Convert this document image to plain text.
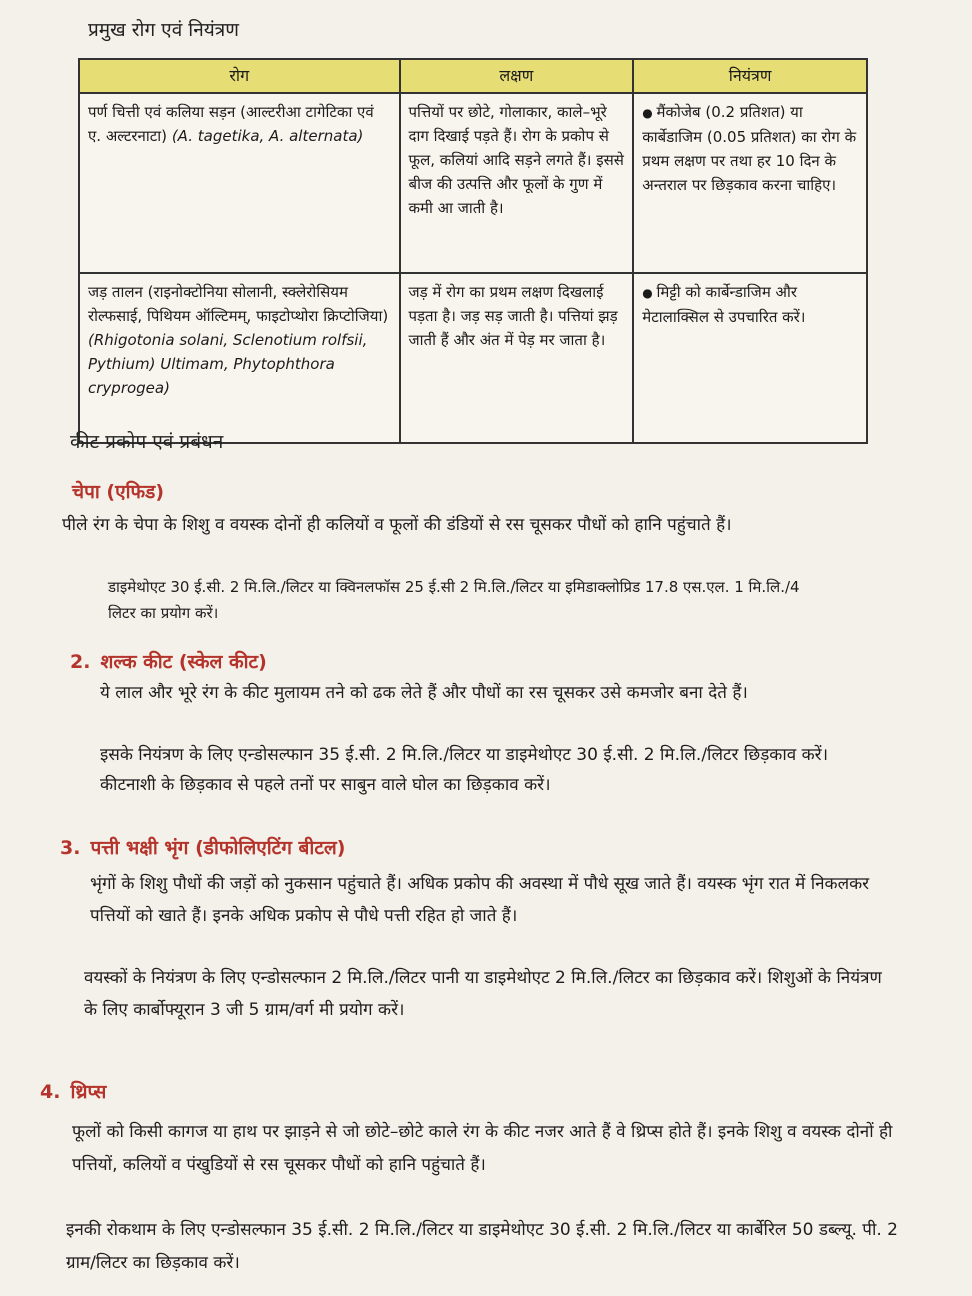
प्रमुख रोग एवं नियंत्रण
रोग	लक्षण	नियंत्रण
पर्ण चित्ती एवं कलिया सड़न (आल्टरीआ टागेटिका एवं ए. अल्टरनाटा) (A. tagetika, A. alternata)	पत्तियों पर छोटे, गोलाकार, काले–भूरे दाग दिखाई पड़ते हैं। रोग के प्रकोप से फूल, कलियां आदि सड़ने लगते हैं। इससे बीज की उत्पत्ति और फूलों के गुण में कमी आ जाती है।	● मैंकोजेब (0.2 प्रतिशत) या कार्बेडाजिम (0.05 प्रतिशत) का रोग के प्रथम लक्षण पर तथा हर 10 दिन के अन्तराल पर छिड़काव करना चाहिए।
जड़ तालन (राइनोक्टोनिया सोलानी, स्क्लेरोसियम रोल्फसाई, पिथियम ऑल्टिमम्, फाइटोप्थोरा क्रिप्टोजिया) (Rhigotonia solani, Sclenotium rolfsii, Pythium) Ultimam, Phytophthora cryprogea)	जड़ में रोग का प्रथम लक्षण दिखलाई पड़ता है। जड़ सड़ जाती है। पत्तियां झड़ जाती हैं और अंत में पेड़ मर जाता है।	● मिट्टी को कार्बेन्डाजिम और मेटालाक्सिल से उपचारित करें।
कीट प्रकोप एवं प्रबंधन
चेपा (एफिड)
पीले रंग के चेपा के शिशु व वयस्क दोनों ही कलियों व फूलों की डंडियों से रस चूसकर पौधों को हानि पहुंचाते हैं।
डाइमेथोएट 30 ई.सी. 2 मि.लि./लिटर या क्विनलफॉस 25 ई.सी 2 मि.लि./लिटर या इमिडाक्लोप्रिड 17.8 एस.एल. 1 मि.लि./4 लिटर का प्रयोग करें।
2. शल्क कीट (स्केल कीट)
ये लाल और भूरे रंग के कीट मुलायम तने को ढक लेते हैं और पौधों का रस चूसकर उसे कमजोर बना देते हैं।
इसके नियंत्रण के लिए एन्डोसल्फान 35 ई.सी. 2 मि.लि./लिटर या डाइमेथोएट 30 ई.सी. 2 मि.लि./लिटर छिड़काव करें। कीटनाशी के छिड़काव से पहले तनों पर साबुन वाले घोल का छिड़काव करें।
3. पत्ती भक्षी भृंग (डीफोलिएटिंग बीटल)
भृंगों के शिशु पौधों की जड़ों को नुकसान पहुंचाते हैं। अधिक प्रकोप की अवस्था में पौधे सूख जाते हैं। वयस्क भृंग रात में निकलकर पत्तियों को खाते हैं। इनके अधिक प्रकोप से पौधे पत्ती रहित हो जाते हैं।
वयस्कों के नियंत्रण के लिए एन्डोसल्फान 2 मि.लि./लिटर पानी या डाइमेथोएट 2 मि.लि./लिटर का छिड़काव करें। शिशुओं के नियंत्रण के लिए कार्बोफ्यूरान 3 जी 5 ग्राम/वर्ग मी प्रयोग करें।
4. थ्रिप्स
फूलों को किसी कागज या हाथ पर झाड़ने से जो छोटे–छोटे काले रंग के कीट नजर आते हैं वे थ्रिप्स होते हैं। इनके शिशु व वयस्क दोनों ही पत्तियों, कलियों व पंखुडियों से रस चूसकर पौधों को हानि पहुंचाते हैं।
इनकी रोकथाम के लिए एन्डोसल्फान 35 ई.सी. 2 मि.लि./लिटर या डाइमेथोएट 30 ई.सी. 2 मि.लि./लिटर या कार्बेरिल 50 डब्ल्यू. पी. 2 ग्राम/लिटर का छिड़काव करें।
